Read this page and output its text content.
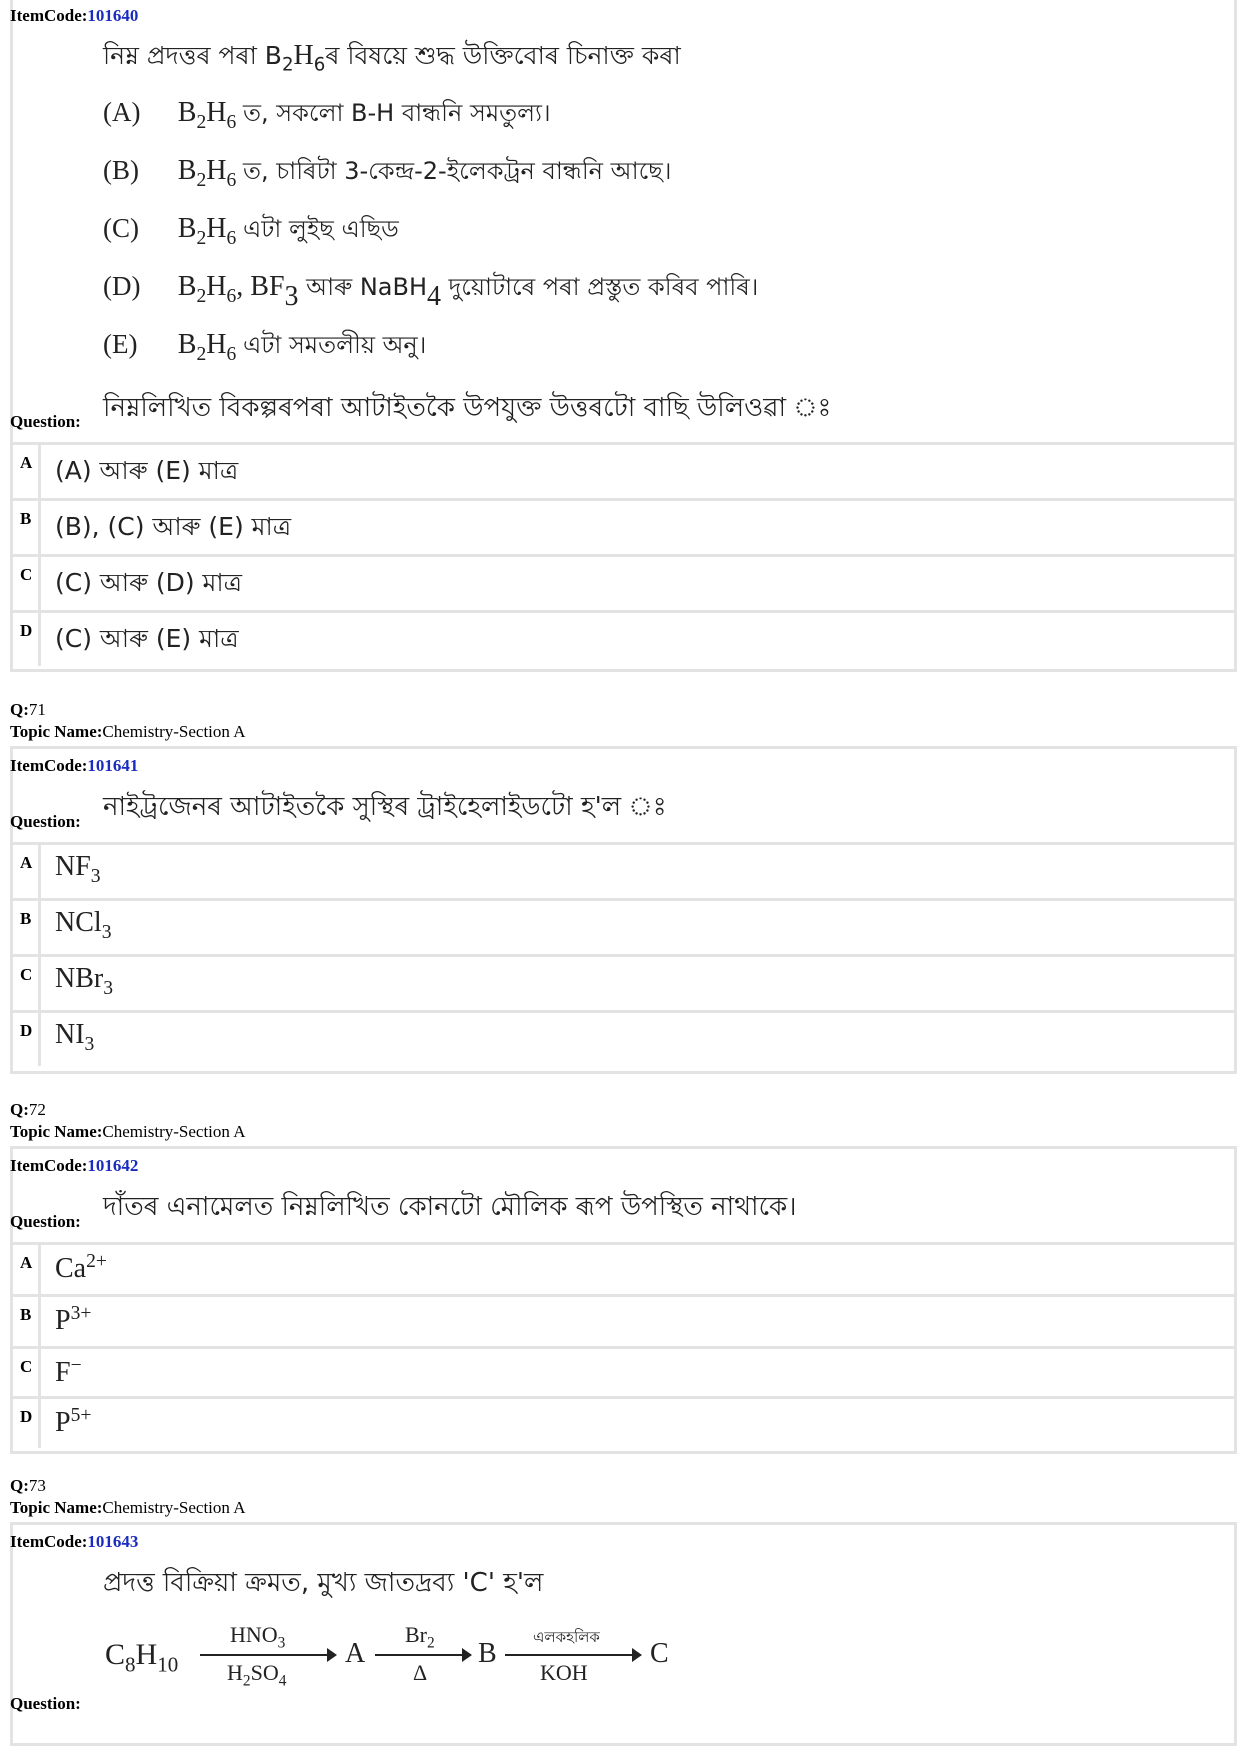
ItemCode:101640
নিম্ন প্ৰদত্তৰ পৰা $B_2H_6ৰ$ বিষয়ে শুদ্ধ উক্তিবোৰ চিনাক্ত কৰা
(A) $B_2H_6$ ত, সকলো B-H বান্ধনি সমতুল্য।
(B) $B_2H_6$ ত, চাৰিটা 3-কেন্দ্ৰ-2-ইলেকট্ৰন বান্ধনি আছে।
(C) $B_2H_6$ এটা লুইছ এছিড
(D) $B_2H_6$, $BF_3$ আৰু NaBH$_4$ দুয়োটাৰে পৰা প্ৰস্তুত কৰিব পাৰি।
(E) $B_2H_6$ এটা সমতলীয় অনু।
নিম্নলিখিত বিকল্পৰপৰা আটাইতকৈ উপযুক্ত উত্তৰটো বাছি উলিওৱা ঃ
Question:
A (A) আৰু (E) মাত্ৰ
B (B), (C) আৰু (E) মাত্ৰ
C (C) আৰু (D) মাত্ৰ
D (C) আৰু (E) মাত্ৰ
Q:71
Topic Name:Chemistry-Section A
ItemCode:101641
নাইট্ৰজেনৰ আটাইতকৈ সুস্থিৰ ট্ৰাইহেলাইডটো হ'ল ঃ
Question:
A $NF_3$
B NCl$_3$
C NBr$_3$
D $NI_3$
Q:72
Topic Name:Chemistry-Section A
ItemCode:101642
দাঁতৰ এনামেলত নিম্নলিখিত কোনটো মৌলিক ৰূপ উপস্থিত নাথাকে।
Question:
A $Ca^{2+}$
B $P^{3+}$
C F−
D $P^{5+}$
Q:73
Topic Name:Chemistry-Section A
ItemCode:101643
প্ৰদত্ত বিক্ৰিয়া ক্ৰমত, মুখ্য জাতদ্ৰব্য 'C' হ'ল
$C_8H_{10}$
$HNO_3$
$H_2SO_4$
A
$Br_2$
Δ
B
এলকহলিক
KOH
C
Question:
